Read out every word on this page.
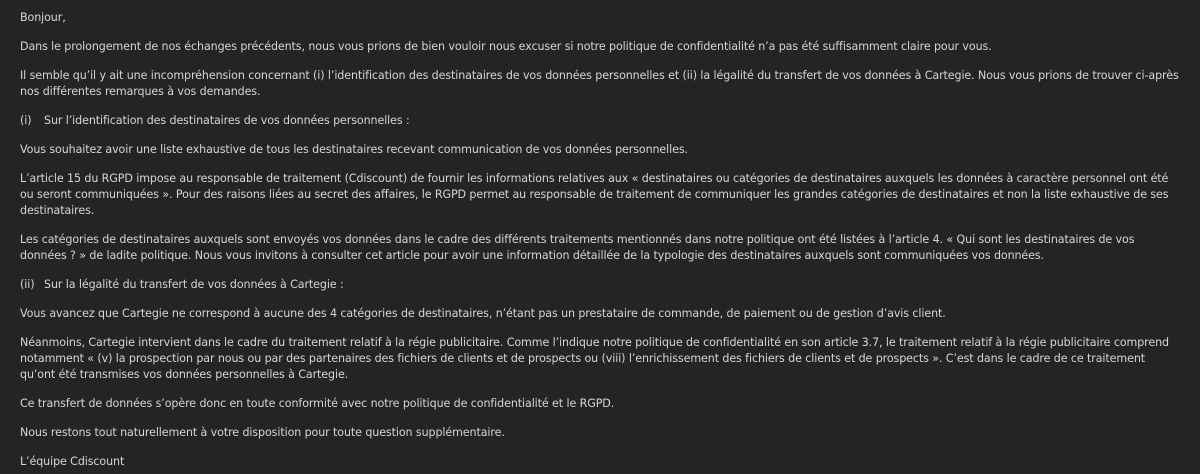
Bonjour,

Dans le prolongement de nos échanges précédents, nous vous prions de bien vouloir nous excuser si notre politique de confidentialité n’a pas été suffisamment claire pour vous.

Il semble qu’il y ait une incompréhension concernant (i) l’identification des destinataires de vos données personnelles et (ii) la légalité du transfert de vos données à Cartegie. Nous vous prions de trouver ci-après nos différentes remarques à vos demandes.

(i)	Sur l’identification des destinataires de vos données personnelles :

Vous souhaitez avoir une liste exhaustive de tous les destinataires recevant communication de vos données personnelles.

L’article 15 du RGPD impose au responsable de traitement (Cdiscount) de fournir les informations relatives aux « destinataires ou catégories de destinataires auxquels les données à caractère personnel ont été ou seront communiquées ». Pour des raisons liées au secret des affaires, le RGPD permet au responsable de traitement de communiquer les grandes catégories de destinataires et non la liste exhaustive de ses destinataires.

Les catégories de destinataires auxquels sont envoyés vos données dans le cadre des différents traitements mentionnés dans notre politique ont été listées à l’article 4. « Qui sont les destinataires de vos données ? » de ladite politique. Nous vous invitons à consulter cet article pour avoir une information détaillée de la typologie des destinataires auxquels sont communiquées vos données.

(ii) Sur la légalité du transfert de vos données à Cartegie :

Vous avancez que Cartegie ne correspond à aucune des 4 catégories de destinataires, n’étant pas un prestataire de commande, de paiement ou de gestion d’avis client.

Néanmoins, Cartegie intervient dans le cadre du traitement relatif à la régie publicitaire. Comme l’indique notre politique de confidentialité en son article 3.7, le traitement relatif à la régie publicitaire comprend notamment « (v) la prospection par nous ou par des partenaires des fichiers de clients et de prospects ou (viii) l’enrichissement des fichiers de clients et de prospects ». C’est dans le cadre de ce traitement qu’ont été transmises vos données personnelles à Cartegie.

Ce transfert de données s’opère donc en toute conformité avec notre politique de confidentialité et le RGPD.

Nous restons tout naturellement à votre disposition pour toute question supplémentaire.

L’équipe Cdiscount
